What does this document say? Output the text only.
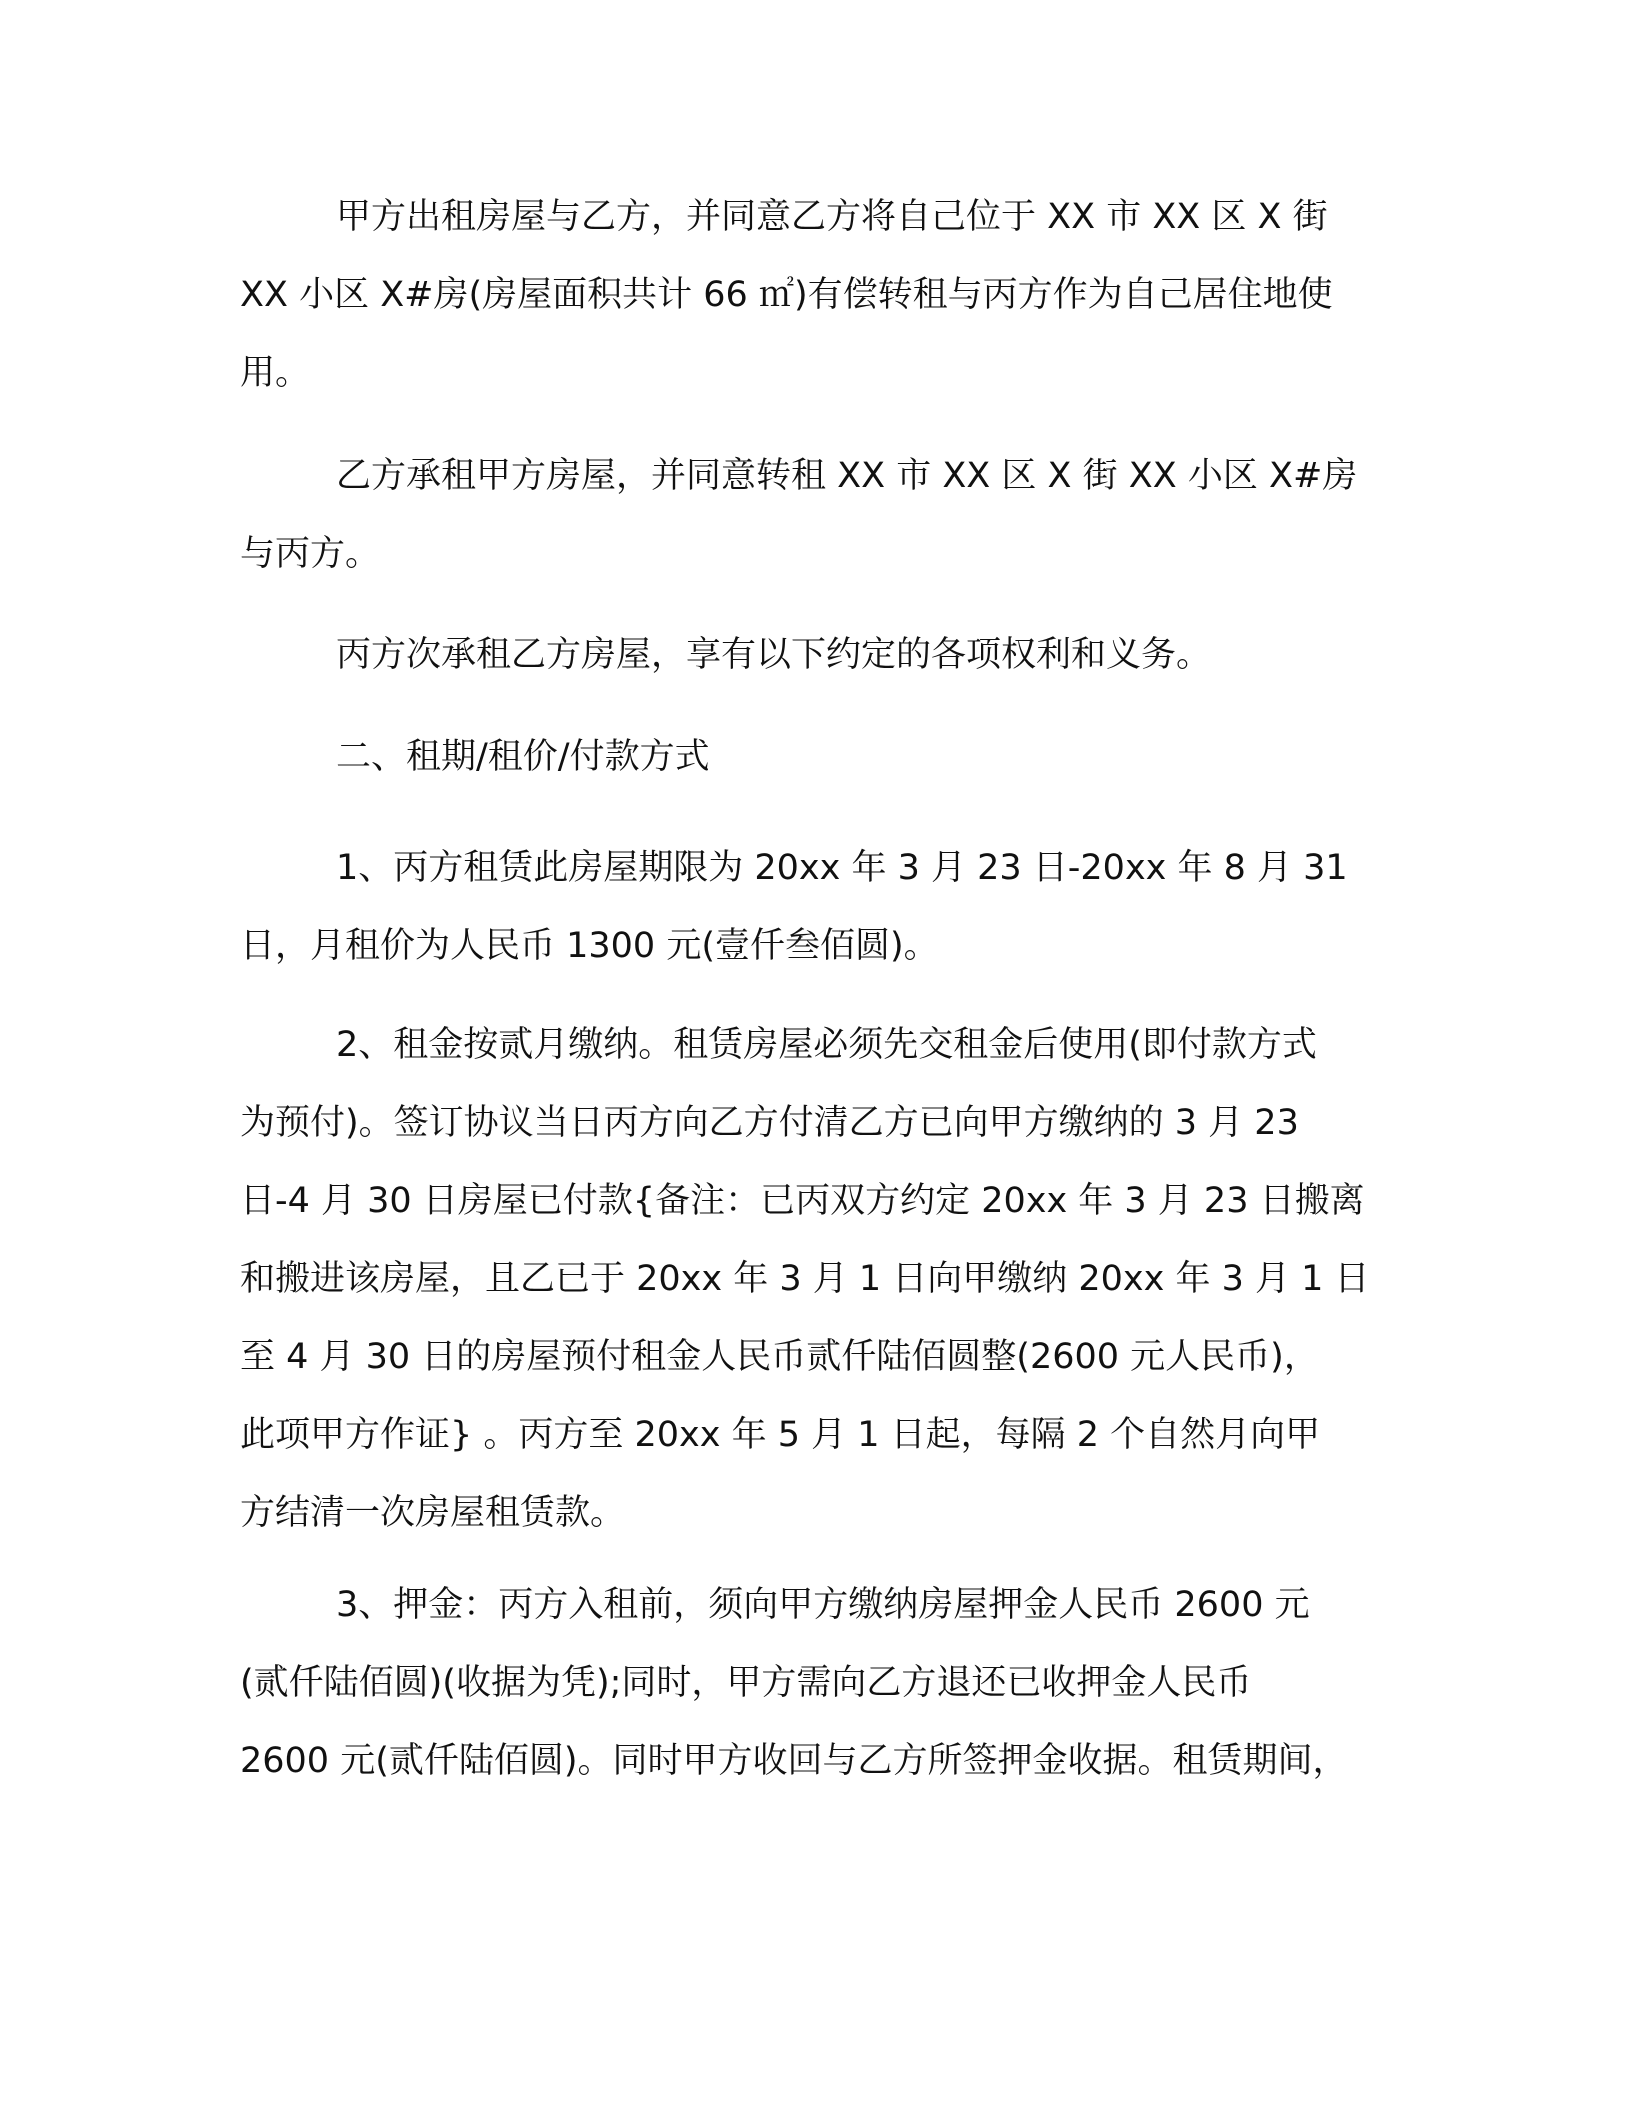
甲方出租房屋与乙方，并同意乙方将自己位于 XX 市 XX 区 X 街
XX 小区 X#房(房屋面积共计 66 ㎡)有偿转租与丙方作为自己居住地使
用。
乙方承租甲方房屋，并同意转租 XX 市 XX 区 X 街 XX 小区 X#房
与丙方。
丙方次承租乙方房屋，享有以下约定的各项权利和义务。
二、租期/租价/付款方式
1、丙方租赁此房屋期限为 20xx 年 3 月 23 日-20xx 年 8 月 31
日，月租价为人民币 1300 元(壹仟叁佰圆)。
2、租金按贰月缴纳。租赁房屋必须先交租金后使用(即付款方式
为预付)。签订协议当日丙方向乙方付清乙方已向甲方缴纳的 3 月 23
日-4 月 30 日房屋已付款{备注：已丙双方约定 20xx 年 3 月 23 日搬离
和搬进该房屋，且乙已于 20xx 年 3 月 1 日向甲缴纳 20xx 年 3 月 1 日
至 4 月 30 日的房屋预付租金人民币贰仟陆佰圆整(2600 元人民币)，
此项甲方作证} 。丙方至 20xx 年 5 月 1 日起，每隔 2 个自然月向甲
方结清一次房屋租赁款。
3、押金：丙方入租前，须向甲方缴纳房屋押金人民币 2600 元
(贰仟陆佰圆)(收据为凭);同时，甲方需向乙方退还已收押金人民币
2600 元(贰仟陆佰圆)。同时甲方收回与乙方所签押金收据。租赁期间，
